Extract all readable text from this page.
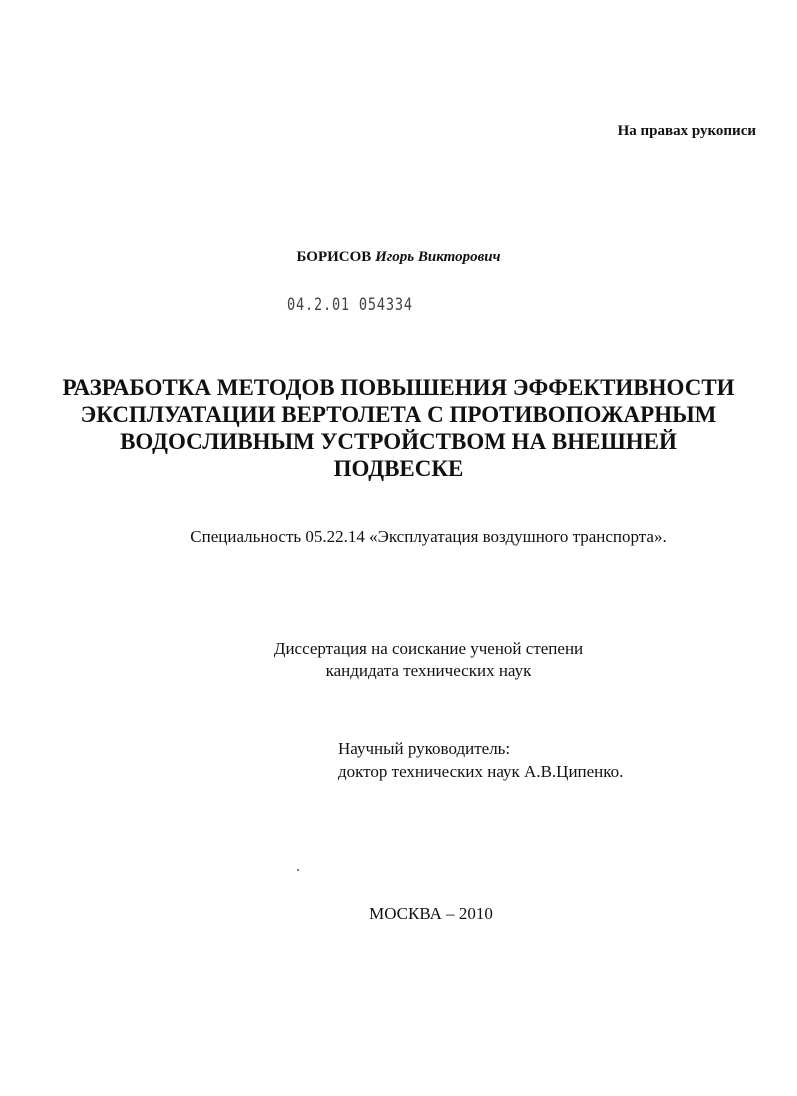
На правах рукописи
БОРИСОВ Игорь Викторович
04.2.01 054334
РАЗРАБОТКА МЕТОДОВ ПОВЫШЕНИЯ ЭФФЕКТИВНОСТИ
ЭКСПЛУАТАЦИИ ВЕРТОЛЕТА С ПРОТИВОПОЖАРНЫМ
ВОДОСЛИВНЫМ УСТРОЙСТВОМ НА ВНЕШНЕЙ
ПОДВЕСКЕ
Специальность 05.22.14 «Эксплуатация воздушного транспорта».
Диссертация на соискание ученой степени
кандидата технических наук
Научный руководитель:
доктор технических наук А.В.Ципенко.
МОСКВА – 2010
